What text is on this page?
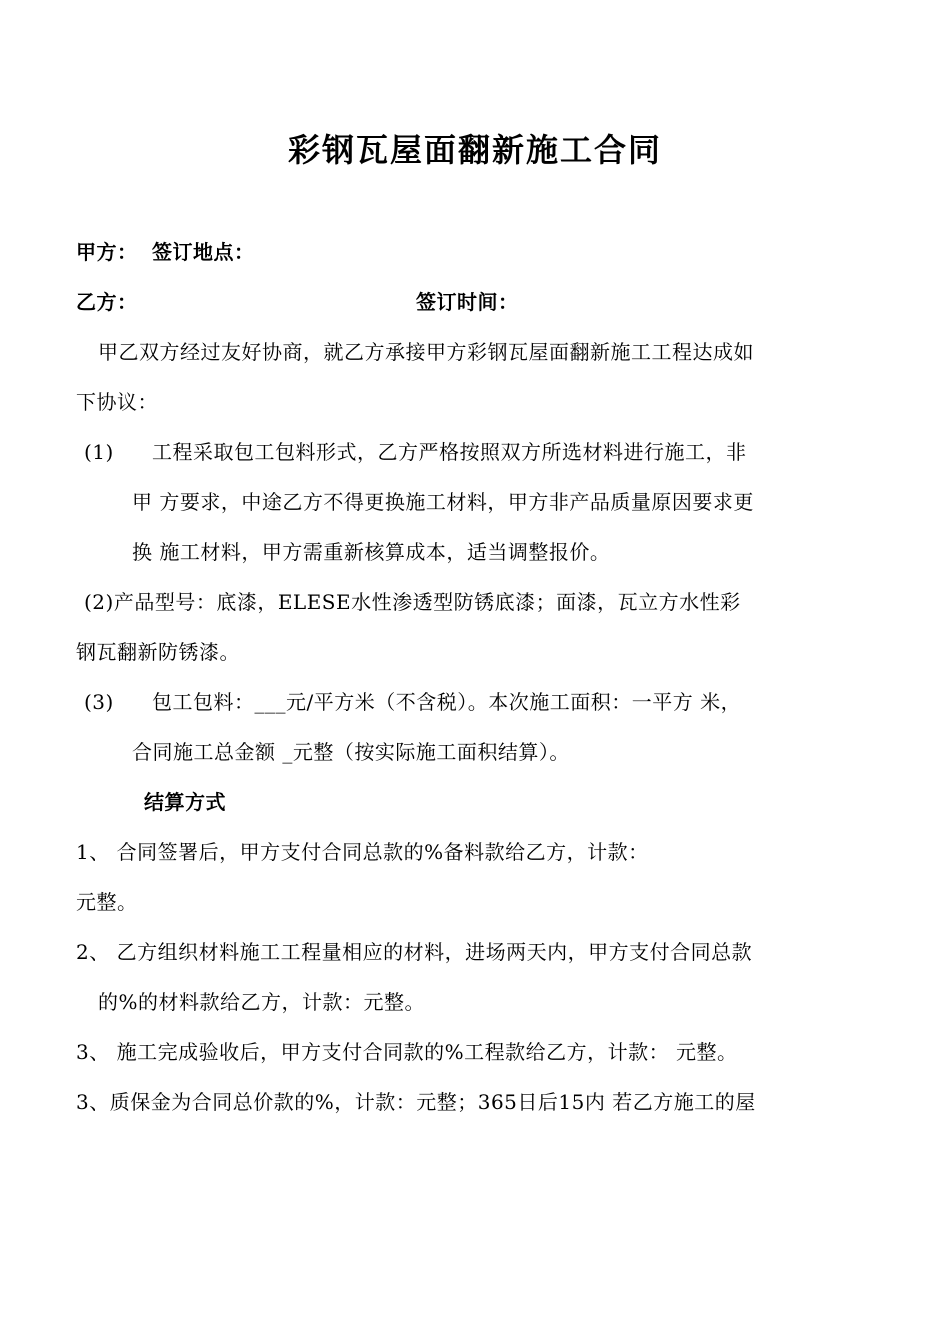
彩钢瓦屋面翻新施工合同
甲方： 签订地点：
乙方：	签订时间：
甲乙双方经过友好协商，就乙方承接甲方彩钢瓦屋面翻新施工工程达成如
下协议：
(1) 工程采取包工包料形式，乙方严格按照双方所选材料进行施工，非
甲 方要求，中途乙方不得更换施工材料，甲方非产品质量原因要求更
换 施工材料，甲方需重新核算成本，适当调整报价。
(2)产品型号：底漆，ELESE水性渗透型防锈底漆；面漆，瓦立方水性彩
钢瓦翻新防锈漆。
(3) 包工包料：___元/平方米（不含税）。本次施工面积：一平方 米，
合同施工总金额 _元整（按实际施工面积结算）。
结算方式
1、 合同签署后，甲方支付合同总款的%备料款给乙方，计款：
元整。
2、 乙方组织材料施工工程量相应的材料，进场两天内，甲方支付合同总款
的%的材料款给乙方，计款：元整。
3、 施工完成验收后，甲方支付合同款的%工程款给乙方，计款： 元整。
3、质保金为合同总价款的%，计款：元整；365日后15内 若乙方施工的屋
